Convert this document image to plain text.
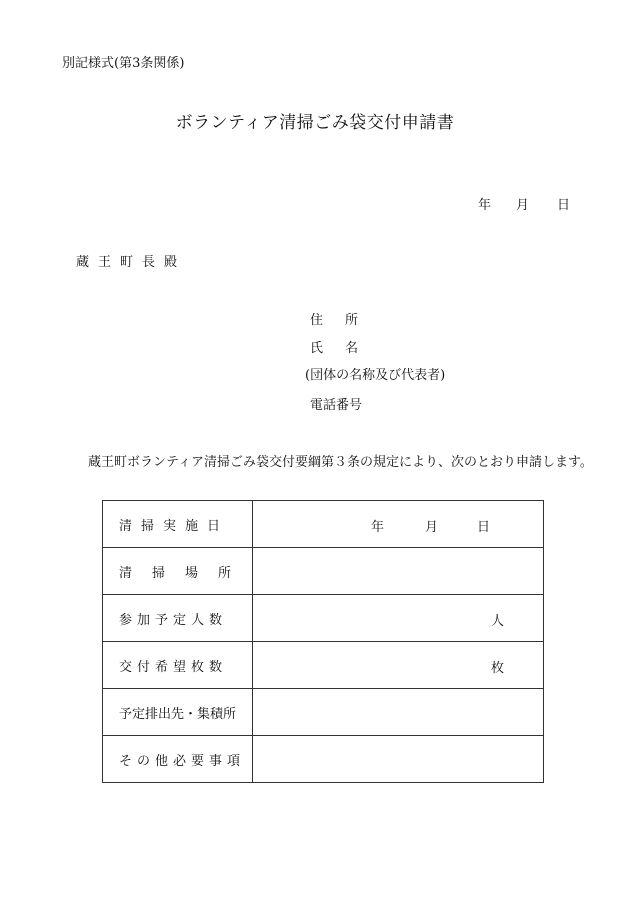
別記様式(第3条関係)
ボランティア清掃ごみ袋交付申請書
年 月 日
蔵王町長殿
住所
氏名
(団体の名称及び代表者)
電話番号
蔵王町ボランティア清掃ごみ袋交付要綱第３条の規定により、次のとおり申請します。
清掃実施日	年 月 日

清掃場所	
参加予定人数	人

交付希望枚数	枚

予定排出先・集積所	
その他必要事項	
